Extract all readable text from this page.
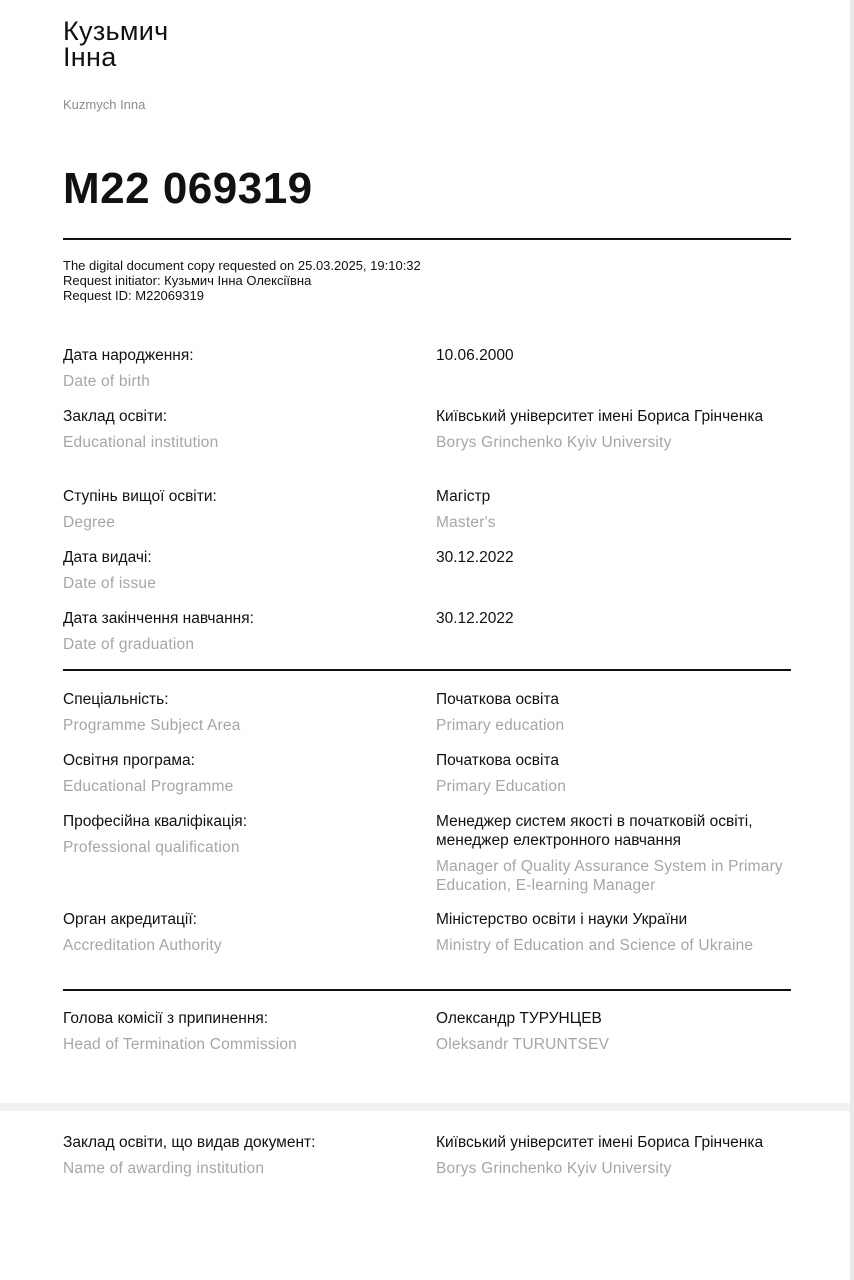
Кузьмич
Інна
Kuzmych Inna
M22 069319
The digital document copy requested on 25.03.2025, 19:10:32
Request initiator: Кузьмич Інна Олексіївна
Request ID: M22069319
Дата народження:
Date of birth
10.06.2000
Заклад освіти:
Educational institution
Київський університет імені Бориса Грінченка
Borys Grinchenko Kyiv University
Ступінь вищої освіти:
Degree
Магістр
Master's
Дата видачі:
Date of issue
30.12.2022
Дата закінчення навчання:
Date of graduation
30.12.2022
Спеціальність:
Programme Subject Area
Початкова освіта
Primary education
Освітня програма:
Educational Programme
Початкова освіта
Primary Education
Професійна кваліфікація:
Professional qualification
Менеджер систем якості в початковій освіті, менеджер електронного навчання
Manager of Quality Assurance System in Primary Education, E-learning Manager
Орган акредитації:
Accreditation Authority
Міністерство освіти і науки України
Ministry of Education and Science of Ukraine
Голова комісії з припинення:
Head of Termination Commission
Олександр ТУРУНЦЕВ
Oleksandr TURUNTSEV
Заклад освіти, що видав документ:
Name of awarding institution
Київський університет імені Бориса Грінченка
Borys Grinchenko Kyiv University
